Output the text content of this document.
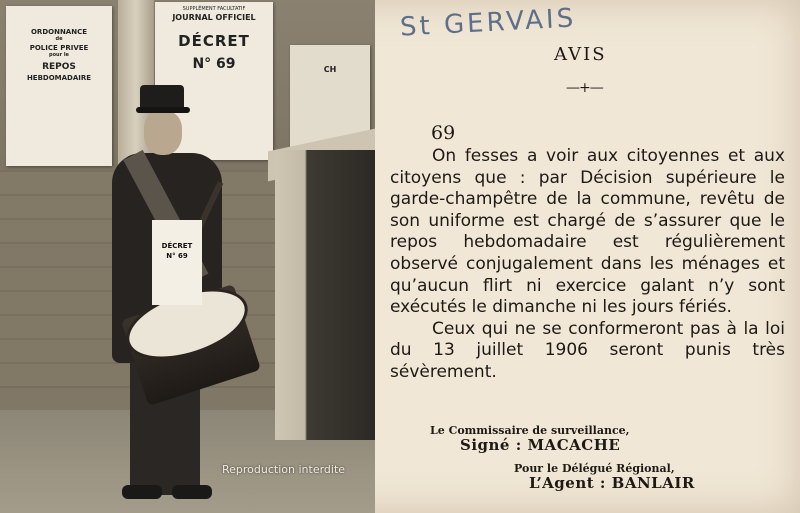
ORDONNANCE
de
POLICE PRIVEE
pour le
REPOS
HEBDOMADAIRE
SUPPLÉMENT FACULTATIF
JOURNAL OFFICIEL
DÉCRET
N° 69	CH
DÉCRET
N° 69
Reproduction interdite
St GERVAIS
AVIS
—+—
69

On fesses a voir aux citoyennes et aux citoyens que : par Décision supérieure le garde-champêtre de la commune, revêtu de son uniforme est chargé de s’assurer que le repos hebdomadaire est régulièrement observé conjugalement dans les ménages et qu’aucun flirt ni exercice galant n’y sont exécutés le dimanche ni les jours fériés.

Ceux qui ne se conformeront pas à la loi du 13 juillet 1906 seront punis très sévèrement.

Le Commissaire de surveillance,
Signé : MACACHE
Pour le Délégué Régional,
L’Agent : BANLAIR
